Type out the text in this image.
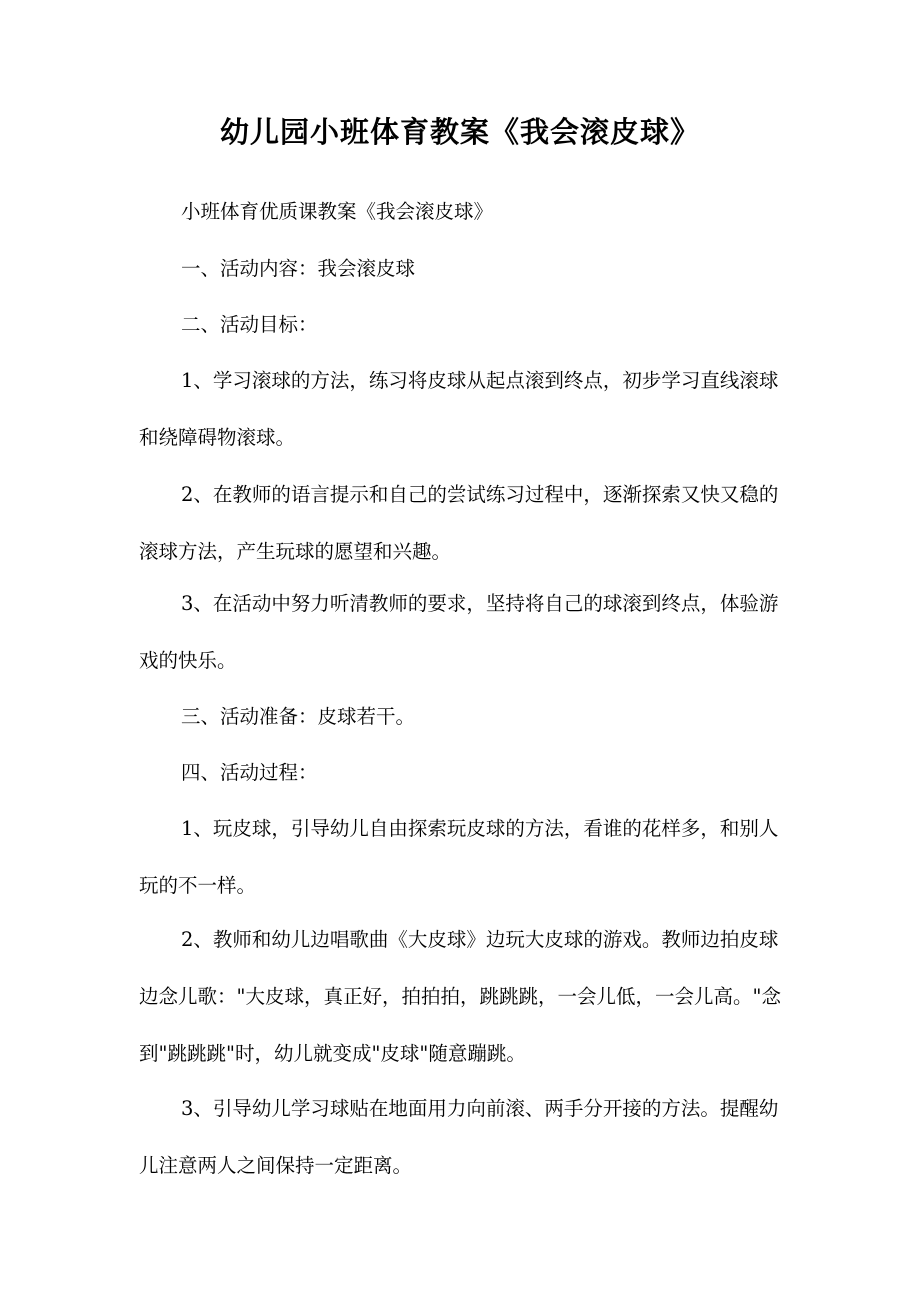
幼儿园小班体育教案《我会滚皮球》

小班体育优质课教案《我会滚皮球》

一、活动内容：我会滚皮球

二、活动目标：

1、学习滚球的方法，练习将皮球从起点滚到终点，初步学习直线滚球和绕障碍物滚球。

2、在教师的语言提示和自己的尝试练习过程中，逐渐探索又快又稳的滚球方法，产生玩球的愿望和兴趣。

3、在活动中努力听清教师的要求，坚持将自己的球滚到终点，体验游戏的快乐。

三、活动准备：皮球若干。

四、活动过程：

1、玩皮球，引导幼儿自由探索玩皮球的方法，看谁的花样多，和别人玩的不一样。

2、教师和幼儿边唱歌曲《大皮球》边玩大皮球的游戏。教师边拍皮球边念儿歌："大皮球，真正好，拍拍拍，跳跳跳，一会儿低，一会儿高。"念到"跳跳跳"时，幼儿就变成"皮球"随意蹦跳。

3、引导幼儿学习球贴在地面用力向前滚、两手分开接的方法。提醒幼儿注意两人之间保持一定距离。
